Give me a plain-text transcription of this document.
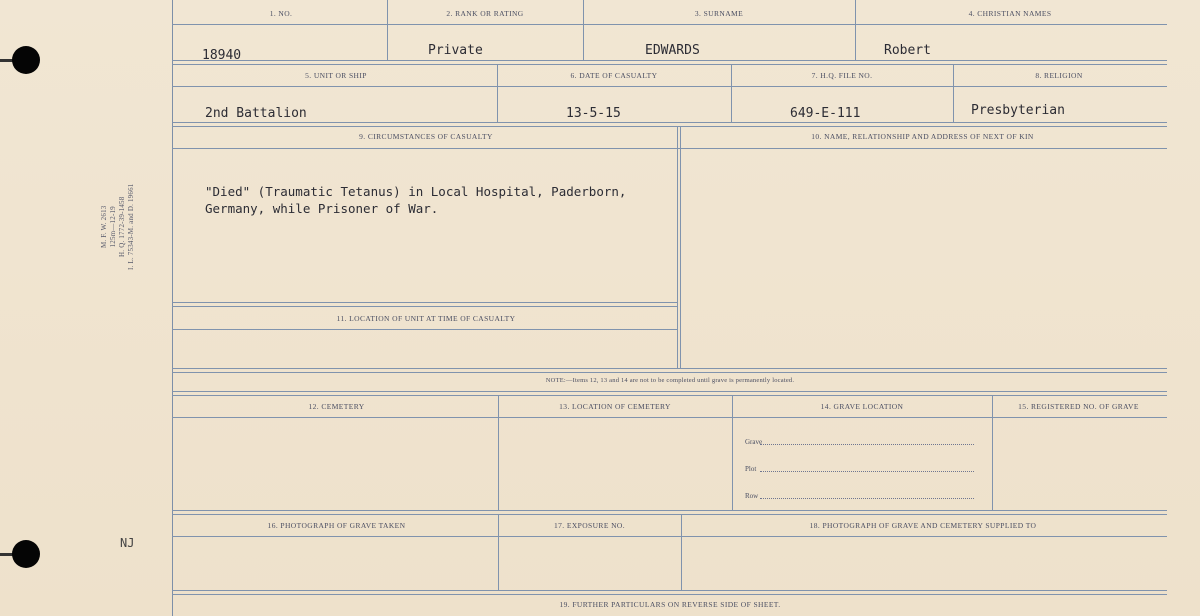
M. F. W. 2613 125m—12-19 H. Q. 1772-39-1458 I. L. 75343-M. and D. 19661
NJ
1. NO.	2. RANK OR RATING	3. SURNAME	4. CHRISTIAN NAMES
18940	Private	EDWARDS	Robert
5. UNIT OR SHIP	6. DATE OF CASUALTY	7. H.Q. FILE NO.	8. RELIGION
2nd Battalion	13-5-15	649-E-111	Presbyterian
9. CIRCUMSTANCES OF CASUALTY	10. NAME, RELATIONSHIP AND ADDRESS OF NEXT OF KIN
"Died" (Traumatic Tetanus) in Local Hospital, Paderborn,
Germany, while Prisoner of War.
11. LOCATION OF UNIT AT TIME OF CASUALTY
NOTE:—Items 12, 13 and 14 are not to be completed until grave is permanently located.
12. CEMETERY	13. LOCATION OF CEMETERY	14. GRAVE LOCATION	15. REGISTERED NO. OF GRAVE
Grave
Plot
Row
16. PHOTOGRAPH OF GRAVE TAKEN	17. EXPOSURE NO.	18. PHOTOGRAPH OF GRAVE AND CEMETERY SUPPLIED TO
19. FURTHER PARTICULARS ON REVERSE SIDE OF SHEET.
